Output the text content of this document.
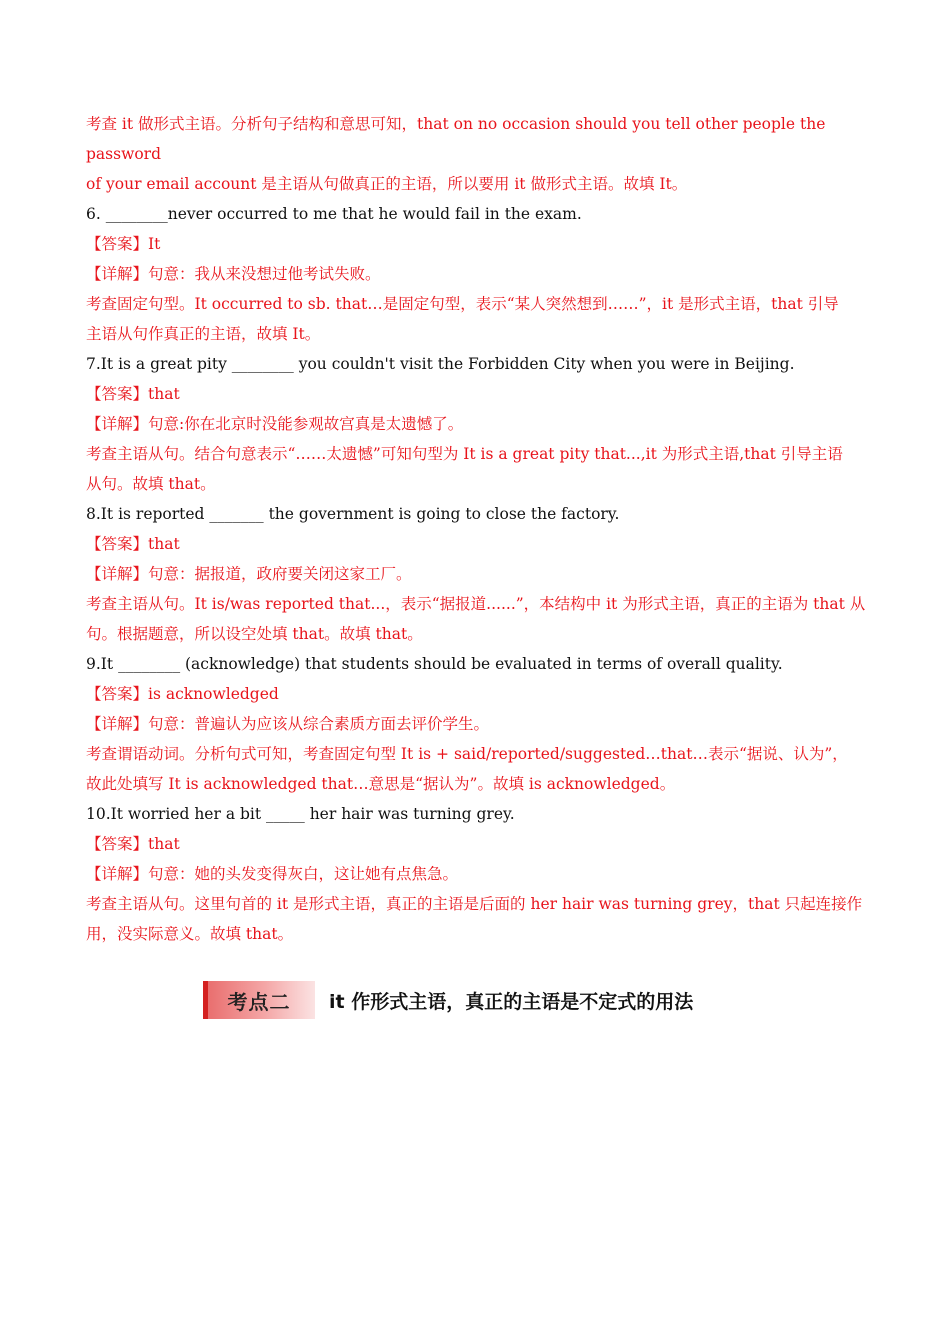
考查 it 做形式主语。分析句子结构和意思可知，that on no occasion should you tell other people the password
of your email account 是主语从句做真正的主语，所以要用 it 做形式主语。故填 It。
6. ________never occurred to me that he would fail in the exam.
【答案】It
【详解】句意：我从来没想过他考试失败。
考查固定句型。It occurred to sb. that…是固定句型，表示“某人突然想到……”，it 是形式主语，that 引导
主语从句作真正的主语，故填 It。
7.It is a great pity ________ you couldn't visit the Forbidden City when you were in Beijing.
【答案】that
【详解】句意:你在北京时没能参观故宫真是太遗憾了。
考查主语从句。结合句意表示“……太遗憾”可知句型为 It is a great pity that...,it 为形式主语,that 引导主语
从句。故填 that。
8.It is reported _______ the government is going to close the factory.
【答案】that
【详解】句意：据报道，政府要关闭这家工厂。
考查主语从句。It is/was reported that...，表示“据报道......”，本结构中 it 为形式主语，真正的主语为 that 从
句。根据题意，所以设空处填 that。故填 that。
9.It ________ (acknowledge) that students should be evaluated in terms of overall quality.
【答案】is acknowledged
【详解】句意：普遍认为应该从综合素质方面去评价学生。
考查谓语动词。分析句式可知，考查固定句型 It is + said/reported/suggested…that…表示“据说、认为”，
故此处填写 It is acknowledged that…意思是“据认为”。故填 is acknowledged。
10.It worried her a bit _____ her hair was turning grey.
【答案】that
【详解】句意：她的头发变得灰白，这让她有点焦急。
考查主语从句。这里句首的 it 是形式主语，真正的主语是后面的 her hair was turning grey，that 只起连接作
用，没实际意义。故填 that。
考点二 it 作形式主语，真正的主语是不定式的用法
